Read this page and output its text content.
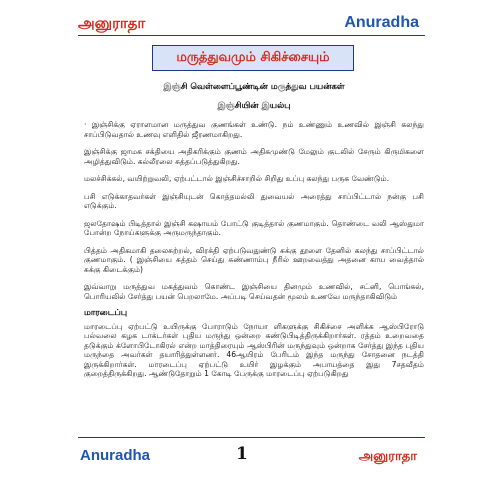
அனுராதா	Anuradha
மருத்துவமும் சிகிச்சையும்

இஞ்சி வெள்ளைப்பூண்டின் மருத்துவ பயன்கள்

இஞ்சியின் இயல்பு

· இஞ்சிக்கு ஏராளமான மருத்துவ குணங்கள் உண்டு. நம் உண்ணும் உணவில் இஞ்சி கலந்து சாப்பிடுவதால் உணவு எளிதில் ஜீரணமாகிறது.

இஞ்சிக்கு ஜாமக சக்தியை அதிகரிக்கும் குணம் அதிகமுண்டு மேலும் குடலில் சேரும் கிருமிகளை அழித்துவிடும். கல்லீரலை சுத்தப்படுத்துகிறது.

மலச்சிக்கல், வயிற்றுவலி, ஏற்பட்டால் இஞ்சிச்சாறில் சிறிது உப்பு கலந்து பருக வேண்டும்.

பசி எடுக்காதவர்கள் இஞ்சியுடன் கொத்தமல்லி துவையல் அரைத்து சாப்பிட்டால் நன்கு பசி எடுக்கும்.

ஜலதோஷம் பிடித்தால் இஞ்சி கஷாயம் போட்டு குடித்தால் குணமாகும். தொண்டை வலி ஆஸ்துமா போன்ற நோய்களுக்கு அருமருந்தாகும்.

பித்தம் அதிகமாகி தலைசுற்றல், விரக்தி ஏற்படுவதுண்டு சுக்கு தூளை தேனில் கலந்து சாப்பிட்டால் குணமாகும். ( இஞ்சியை சுத்தம் செய்து சுண்ணாம்பு நீரில் ஊறவைத்து அதனை காய வைத்தால் சுக்கு கிடைக்கும்)

இவ்வாறு மருத்துவ மகத்துவம் கொண்ட இஞ்சியை தினமும் உணவில், சட்னி, பொங்கல், பொரியலில் சேர்த்து பயன் பெறலாமே. அப்படி செய்வதன் மூலம் உணவே மருந்தாகிவிடும்

மாரடைப்பு

மாரடைப்பு ஏற்பட்டு உயிருக்கு போராடும் நோயா ளிகளுக்கு சிகிச்சை அளிக்க ஆஸ்பிரோடு பல்வலை கழக டாக்டர்கள் புதிய மருந்து ஒன்றை கண்டுபிடித்திருக்கிறார்கள். ரத்தம் உறைவதை தடுக்கும் க்ளோபிடோகிரல் என்ற மாத்திரையும் ஆஸ்பிரின் மருந்துவும் ஒன்றாக சேர்த்து இந்த புதிய மருந்தை அவர்கள் தயாரித்துள்ளனர். 46ஆயிரம் பேரிடம் இந்த மருந்து சோதனை நடத்தி இருக்கிறார்கள். மாரடைப்பு ஏற்பட்டு உயிர் இழக்கும் அபாயத்தை இது 7சதவீதம் குறைத்திருக்கிறது. ஆண்டுதோறும் 1 கோடி பேருக்கு மாரடைப்பு ஏற்படுகிறது

Anuradha	1	அனுராதா
